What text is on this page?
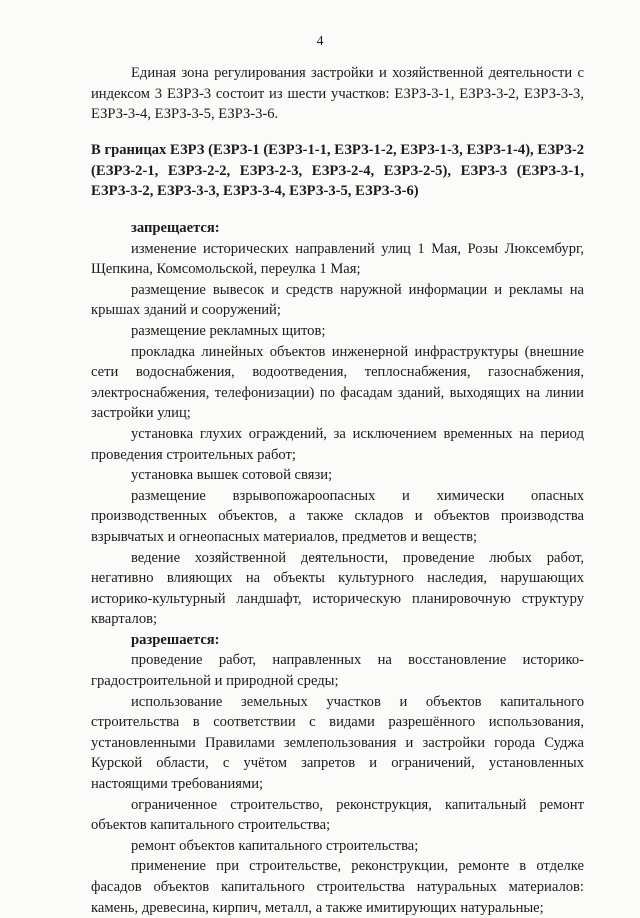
4

Единая зона регулирования застройки и хозяйственной деятельности с индексом 3 ЕЗРЗ-3 состоит из шести участков: ЕЗРЗ-3-1, ЕЗРЗ-3-2, ЕЗРЗ-3-3, ЕЗРЗ-3-4, ЕЗРЗ-3-5, ЕЗРЗ-3-6.

В границах ЕЗРЗ (ЕЗРЗ-1 (ЕЗРЗ-1-1, ЕЗРЗ-1-2, ЕЗРЗ-1-3, ЕЗРЗ-1-4), ЕЗРЗ-2 (ЕЗРЗ-2-1, ЕЗРЗ-2-2, ЕЗРЗ-2-3, ЕЗРЗ-2-4, ЕЗРЗ-2-5), ЕЗРЗ-3 (ЕЗРЗ-3-1, ЕЗРЗ-3-2, ЕЗРЗ-3-3, ЕЗРЗ-3-4, ЕЗРЗ-3-5, ЕЗРЗ-3-6)

запрещается:

изменение исторических направлений улиц 1 Мая, Розы Люксембург, Щепкина, Комсомольской, переулка 1 Мая;

размещение вывесок и средств наружной информации и рекламы на крышах зданий и сооружений;

размещение рекламных щитов;

прокладка линейных объектов инженерной инфраструктуры (внешние сети водоснабжения, водоотведения, теплоснабжения, газоснабжения, электроснабжения, телефонизации) по фасадам зданий, выходящих на линии застройки улиц;

установка глухих ограждений, за исключением временных на период проведения строительных работ;

установка вышек сотовой связи;

размещение взрывопожароопасных и химически опасных производственных объектов, а также складов и объектов производства взрывчатых и огнеопасных материалов, предметов и веществ;

ведение хозяйственной деятельности, проведение любых работ, негативно влияющих на объекты культурного наследия, нарушающих историко-культурный ландшафт, историческую планировочную структуру кварталов;

разрешается:

проведение работ, направленных на восстановление историко-градостроительной и природной среды;

использование земельных участков и объектов капитального строительства в соответствии с видами разрешённого использования, установленными Правилами землепользования и застройки города Суджа Курской области, с учётом запретов и ограничений, установленных настоящими требованиями;

ограниченное строительство, реконструкция, капитальный ремонт объектов капитального строительства;

ремонт объектов капитального строительства;

применение при строительстве, реконструкции, ремонте в отделке фасадов объектов капитального строительства натуральных материалов: камень, древесина, кирпич, металл, а также имитирующих натуральные;
